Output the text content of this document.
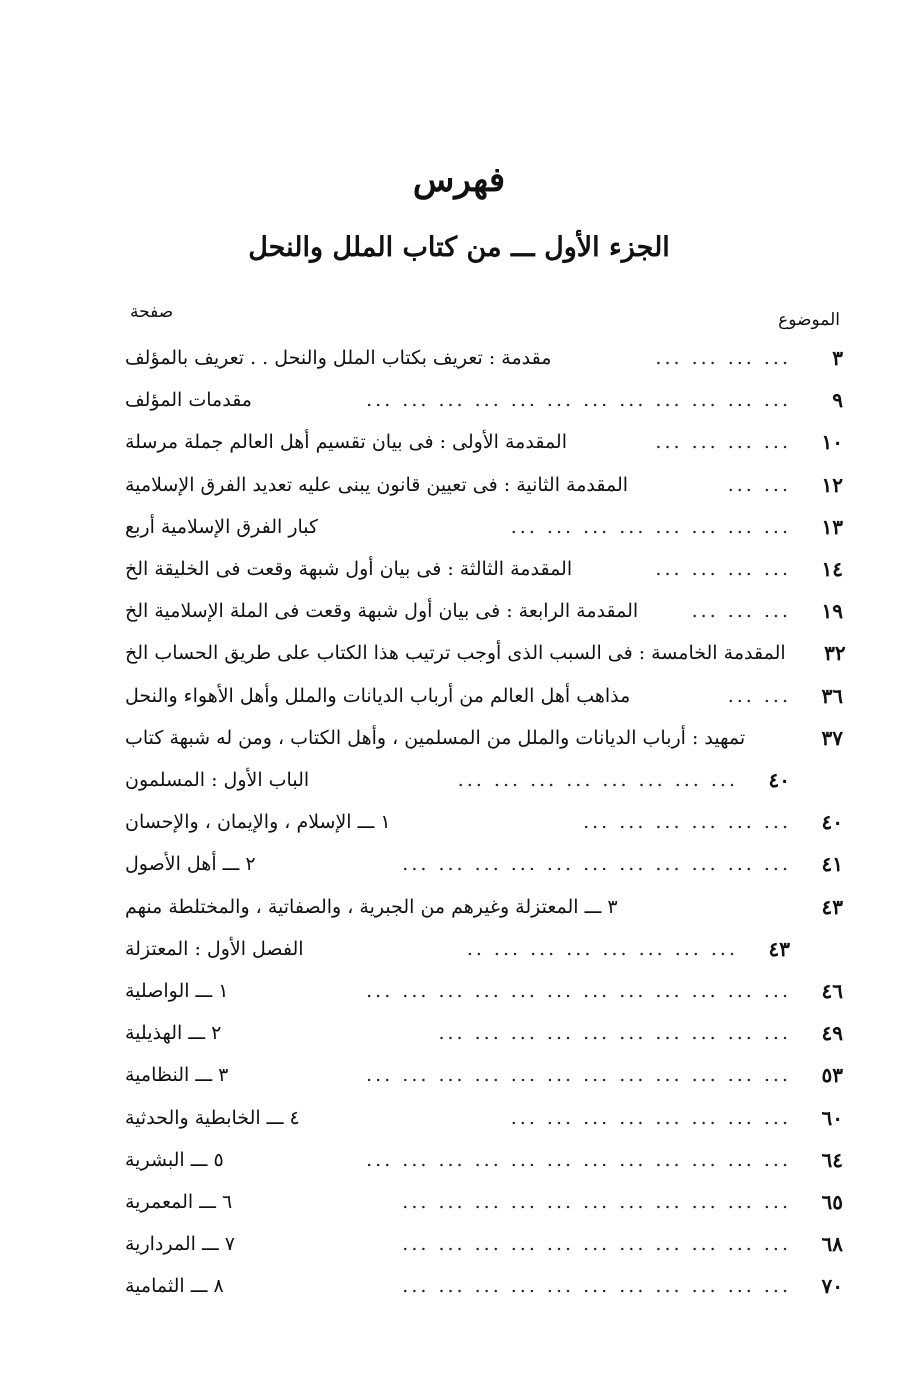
فهرس
الجزء الأول ـــ من كتاب الملل والنحل
الموضوع
صفحة
مقدمة : تعريف بكتاب الملل والنحل . . تعريف بالمؤلف	... ... ... ...	٣
مقدمات المؤلف	... ... ... ... ... ... ... ... ... ... ... ...	٩
المقدمة الأولى : فى بيان تقسيم أهل العالم جملة مرسلة	... ... ... ...	١٠
المقدمة الثانية : فى تعيين قانون يبنى عليه تعديد الفرق الإسلامية	... ...	١٢
كبار الفرق الإسلامية أربع	... ... ... ... ... ... ... ...	١٣
المقدمة الثالثة : فى بيان أول شبهة وقعت فى الخليقة الخ	... ... ... ...	١٤
المقدمة الرابعة : فى بيان أول شبهة وقعت فى الملة الإسلامية الخ	... ... ...	١٩
المقدمة الخامسة : فى السبب الذى أوجب ترتيب هذا الكتاب على طريق الحساب الخ	٣٢
مذاهب أهل العالم من أرباب الديانات والملل وأهل الأهواء والنحل	... ...	٣٦
تمهيد : أرباب الديانات والملل من المسلمين ، وأهل الكتاب ، ومن له شبهة كتاب	٣٧
الباب الأول : المسلمون	... ... ... ... ... ... ... ...	٤٠
١ ـــ الإسلام ، والإيمان ، والإحسان	... ... ... ... ... ...	٤٠
٢ ـــ أهل الأصول	... ... ... ... ... ... ... ... ... ... ...	٤١
٣ ـــ المعتزلة وغيرهم من الجبرية ، والصفاتية ، والمختلطة منهم	٤٣
الفصل الأول : المعتزلة	.. ... ... ... ... ... ... ...	٤٣
١ ـــ الواصلية	... ... ... ... ... ... ... ... ... ... ... ...	٤٦
٢ ـــ الهذيلية	... ... ... ... ... ... ... ... ... ...	٤٩
٣ ـــ النظامية	... ... ... ... ... ... ... ... ... ... ... ...	٥٣
٤ ـــ الخابطية والحدثية	... ... ... ... ... ... ... ...	٦٠
٥ ـــ البشرية	... ... ... ... ... ... ... ... ... ... ... ...	٦٤
٦ ـــ المعمرية	... ... ... ... ... ... ... ... ... ... ...	٦٥
٧ ـــ المردارية	... ... ... ... ... ... ... ... ... ... ...	٦٨
٨ ـــ الثمامية	... ... ... ... ... ... ... ... ... ... ...	٧٠
